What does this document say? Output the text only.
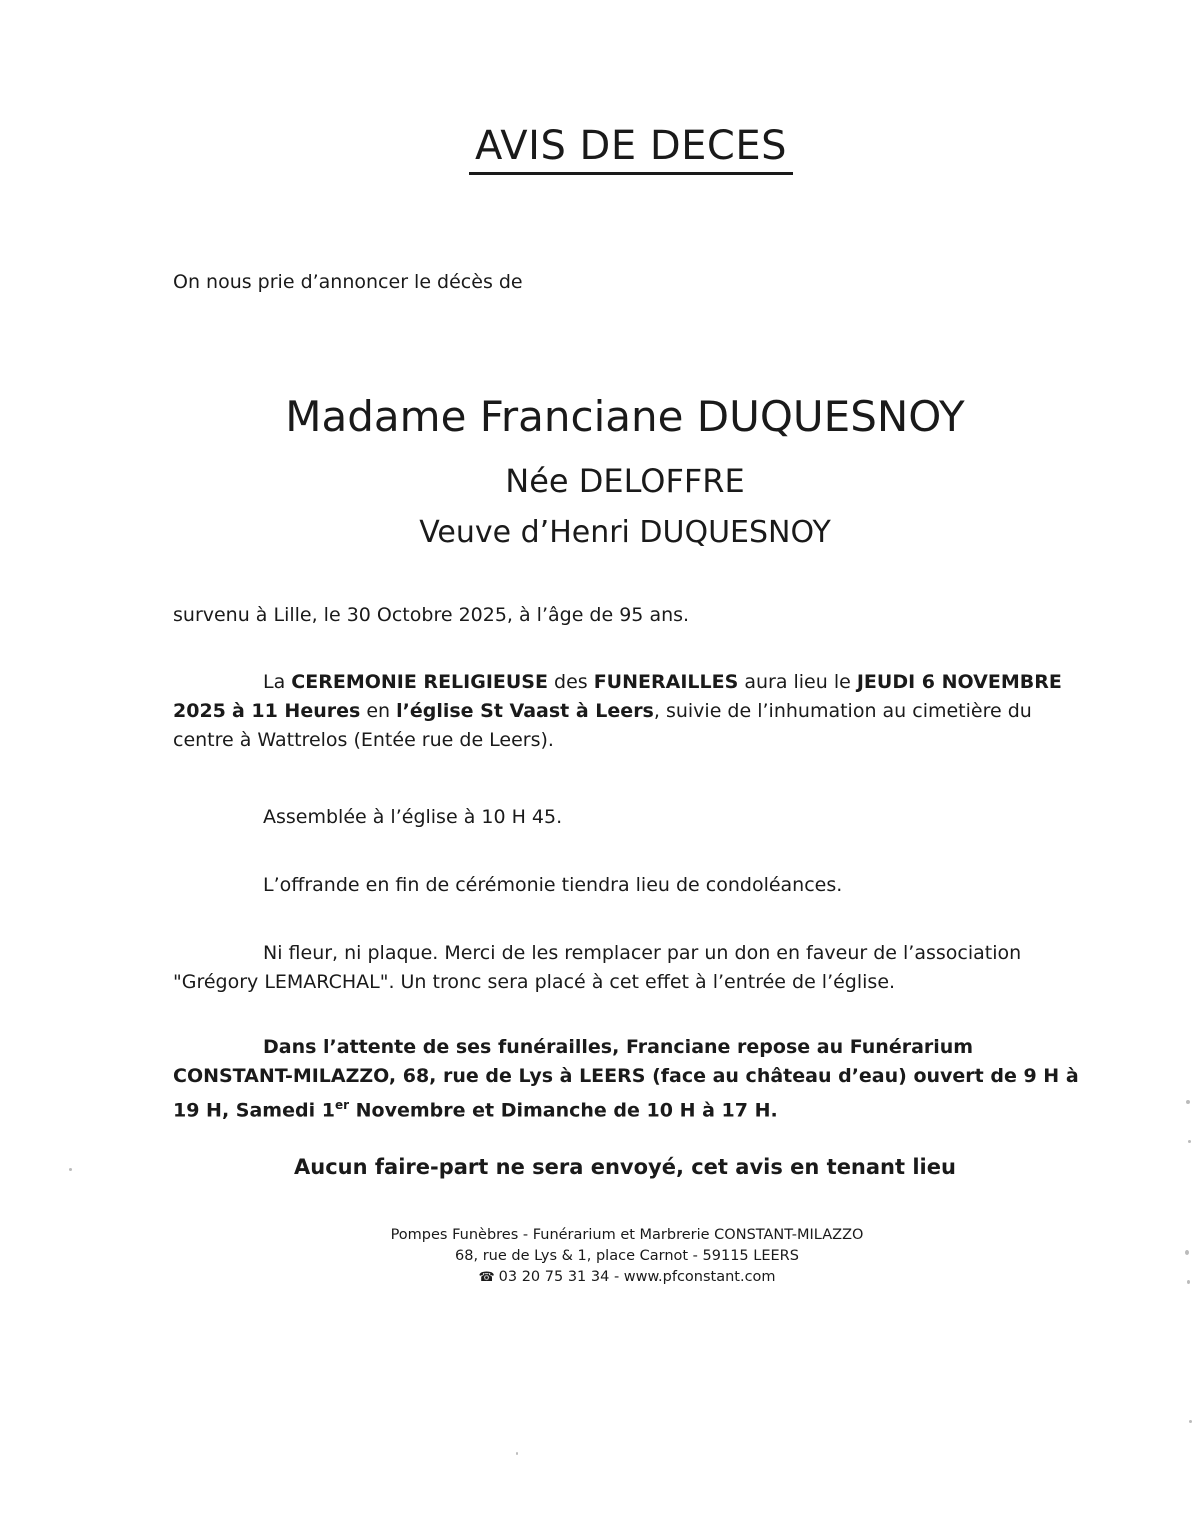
AVIS DE DECES
On nous prie d’annoncer le décès de
Madame Franciane DUQUESNOY
Née DELOFFRE
Veuve d’Henri DUQUESNOY
survenu à Lille, le 30 Octobre 2025, à l’âge de 95 ans.
La CEREMONIE RELIGIEUSE des FUNERAILLES aura lieu le JEUDI 6 NOVEMBRE 2025 à 11 Heures en l’église St Vaast à Leers, suivie de l’inhumation au cimetière du centre à Wattrelos (Entée rue de Leers).
Assemblée à l’église à 10 H 45.
L’offrande en fin de cérémonie tiendra lieu de condoléances.
Ni fleur, ni plaque. Merci de les remplacer par un don en faveur de l’association "Grégory LEMARCHAL". Un tronc sera placé à cet effet à l’entrée de l’église.
Dans l’attente de ses funérailles, Franciane repose au Funérarium CONSTANT-MILAZZO, 68, rue de Lys à LEERS (face au château d’eau) ouvert de 9 H à 19 H, Samedi 1er Novembre et Dimanche de 10 H à 17 H.
Aucun faire-part ne sera envoyé, cet avis en tenant lieu
Pompes Funèbres - Funérarium et Marbrerie CONSTANT-MILAZZO
68, rue de Lys & 1, place Carnot - 59115 LEERS
☎ 03 20 75 31 34 - www.pfconstant.com
